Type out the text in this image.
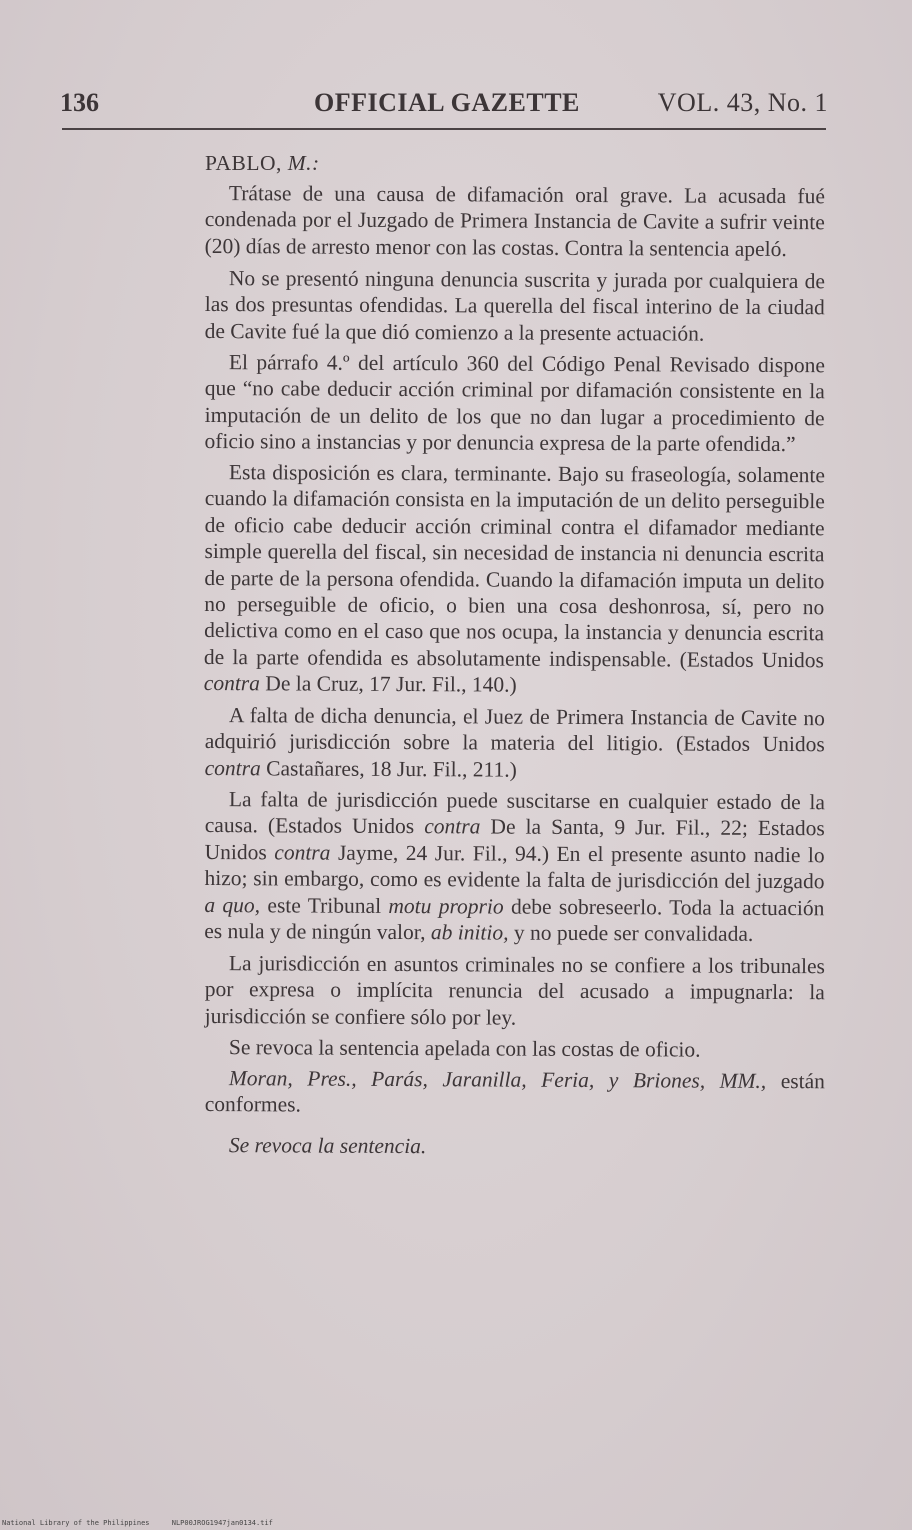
136	OFFICIAL GAZETTE	VOL. 43, No. 1
PABLO, M.:

Trátase de una causa de difamación oral grave. La acusada fué condenada por el Juzgado de Primera Instancia de Cavite a sufrir veinte (20) días de arresto menor con las costas. Contra la sentencia apeló.

No se presentó ninguna denuncia suscrita y jurada por cualquiera de las dos presuntas ofendidas. La querella del fiscal interino de la ciudad de Cavite fué la que dió comienzo a la presente actuación.

El párrafo 4.º del artículo 360 del Código Penal Revisado dispone que “no cabe deducir acción criminal por difamación consistente en la imputación de un delito de los que no dan lugar a procedimiento de oficio sino a instancias y por denuncia expresa de la parte ofendida.”

Esta disposición es clara, terminante. Bajo su fraseología, solamente cuando la difamación consista en la imputación de un delito perseguible de oficio cabe deducir acción criminal contra el difamador mediante simple querella del fiscal, sin necesidad de instancia ni denuncia escrita de parte de la persona ofendida. Cuando la difamación imputa un delito no perseguible de oficio, o bien una cosa deshonrosa, sí, pero no delictiva como en el caso que nos ocupa, la instancia y denuncia escrita de la parte ofendida es absolutamente indispensable. (Estados Unidos contra De la Cruz, 17 Jur. Fil., 140.)

A falta de dicha denuncia, el Juez de Primera Instancia de Cavite no adquirió jurisdicción sobre la materia del litigio. (Estados Unidos contra Castañares, 18 Jur. Fil., 211.)

La falta de jurisdicción puede suscitarse en cualquier estado de la causa. (Estados Unidos contra De la Santa, 9 Jur. Fil., 22; Estados Unidos contra Jayme, 24 Jur. Fil., 94.) En el presente asunto nadie lo hizo; sin embargo, como es evidente la falta de jurisdicción del juzgado a quo, este Tribunal motu proprio debe sobreseerlo. Toda la actuación es nula y de ningún valor, ab initio, y no puede ser convalidada.

La jurisdicción en asuntos criminales no se confiere a los tribunales por expresa o implícita renuncia del acusado a impugnarla: la jurisdicción se confiere sólo por ley.

Se revoca la sentencia apelada con las costas de oficio.

Moran, Pres., Parás, Jaranilla, Feria, y Briones, MM., están conformes.

Se revoca la sentencia.

National Library of the Philippines	NLP00JROG1947jan0134.tif
